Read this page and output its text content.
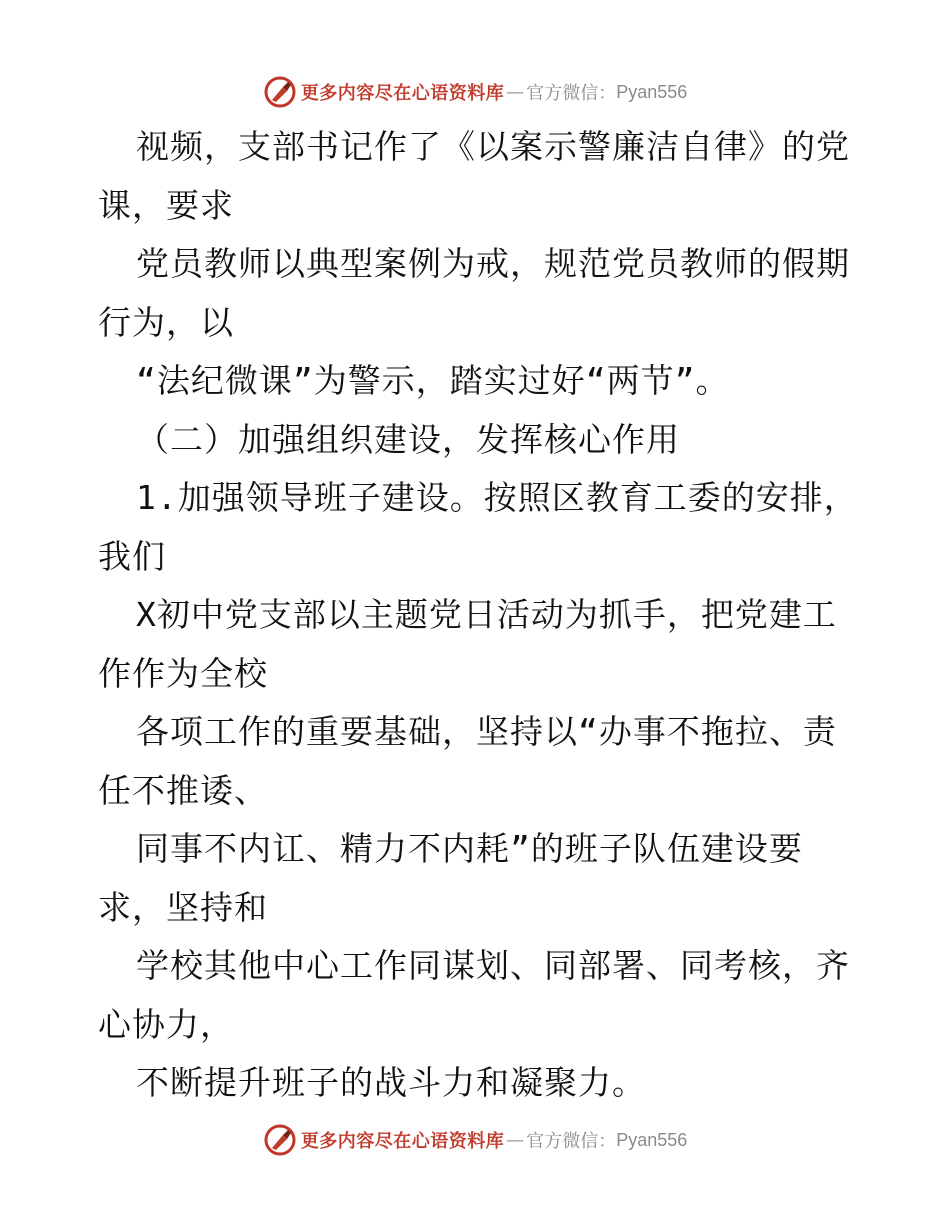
更多内容尽在心语资料库 — 官方微信： Pyan556
视频，支部书记作了《以案示警廉洁自律》的党
课，要求
党员教师以典型案例为戒，规范党员教师的假期
行为，以
“法纪微课”为警示，踏实过好“两节”。
（二）加强组织建设，发挥核心作用
1.加强领导班子建设。按照区教育工委的安排，
我们
X初中党支部以主题党日活动为抓手，把党建工
作作为全校
各项工作的重要基础，坚持以“办事不拖拉、责
任不推诿、
同事不内讧、精力不内耗”的班子队伍建设要
求，坚持和
学校其他中心工作同谋划、同部署、同考核，齐
心协力，
不断提升班子的战斗力和凝聚力。
更多内容尽在心语资料库 — 官方微信： Pyan556
